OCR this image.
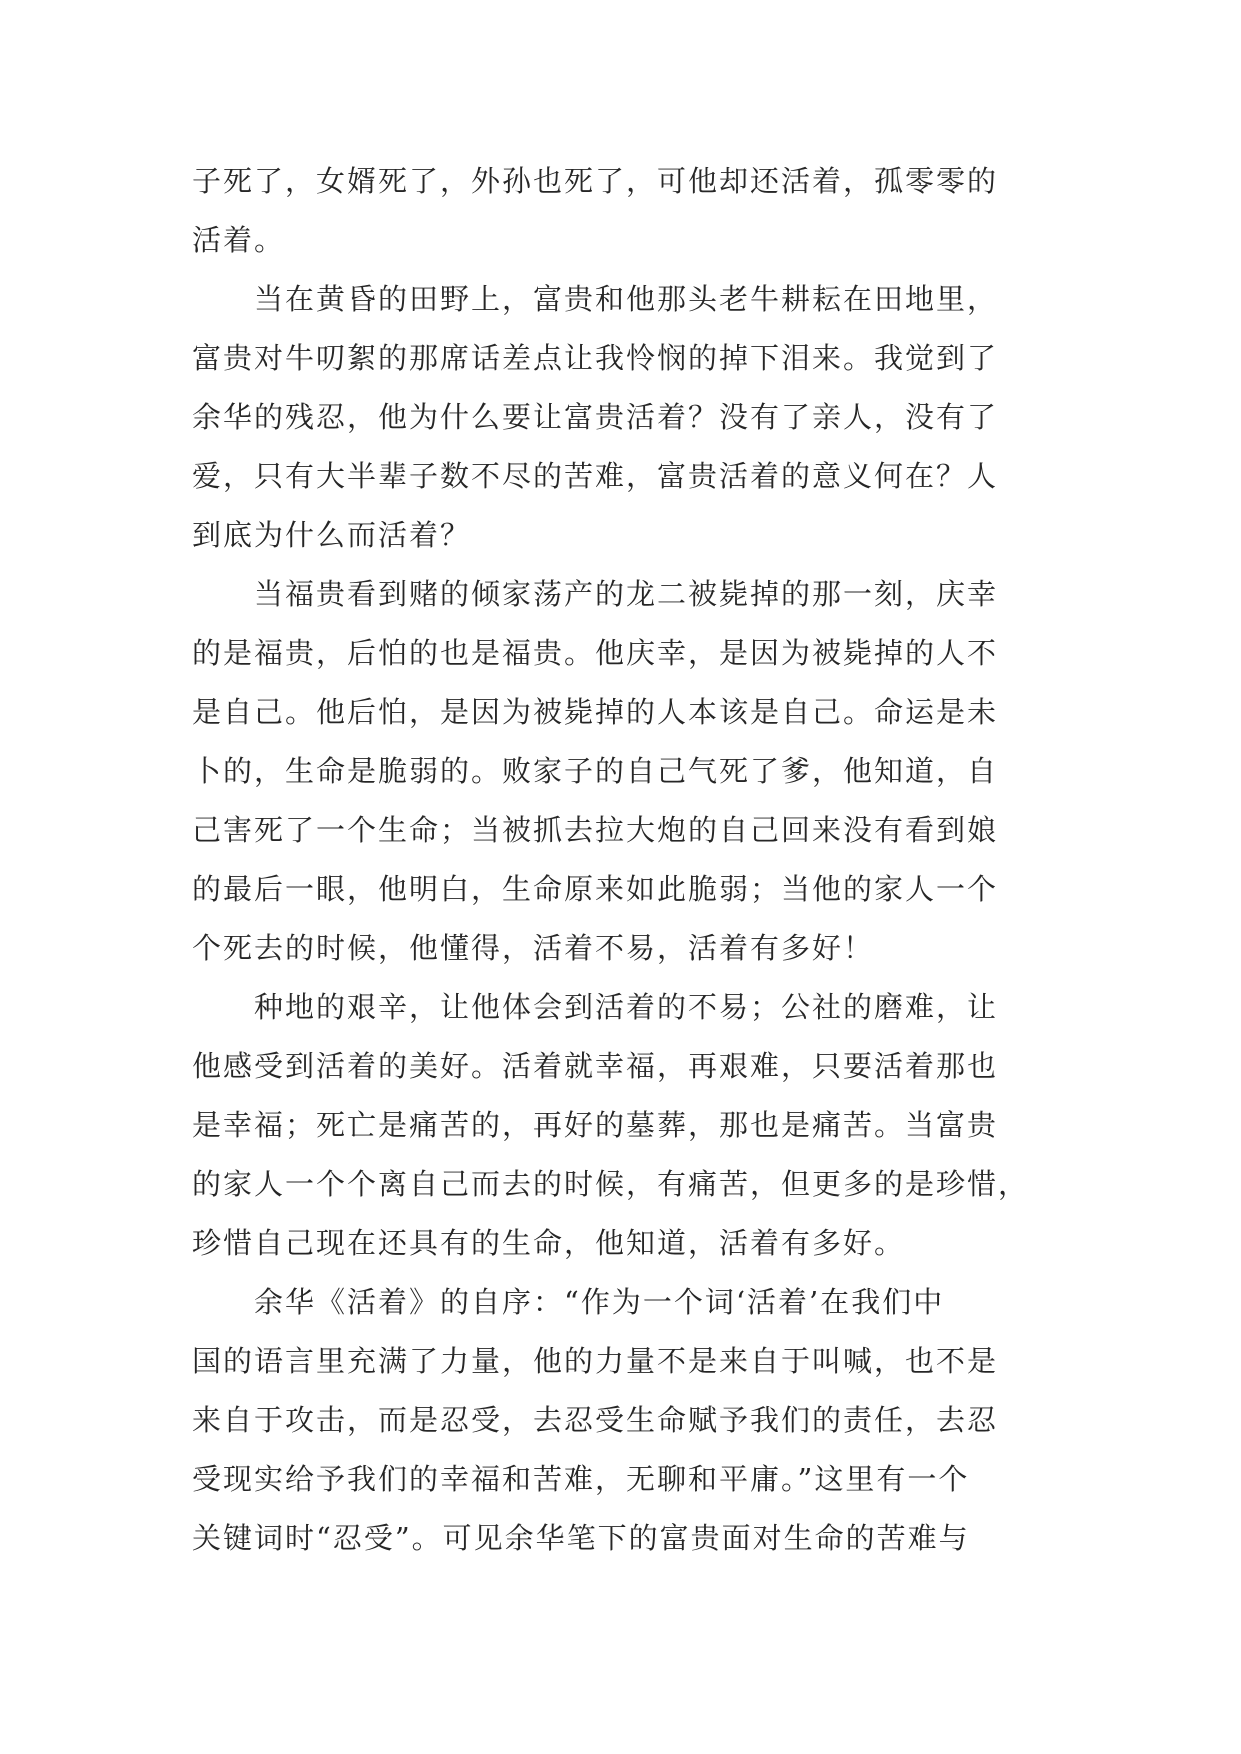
子死了，女婿死了，外孙也死了，可他却还活着，孤零零的
活着。
　　当在黄昏的田野上，富贵和他那头老牛耕耘在田地里，
富贵对牛叨絮的那席话差点让我怜悯的掉下泪来。我觉到了
余华的残忍，他为什么要让富贵活着？没有了亲人，没有了
爱，只有大半辈子数不尽的苦难，富贵活着的意义何在？人
到底为什么而活着？
　　当福贵看到赌的倾家荡产的龙二被毙掉的那一刻，庆幸
的是福贵，后怕的也是福贵。他庆幸，是因为被毙掉的人不
是自己。他后怕，是因为被毙掉的人本该是自己。命运是未
卜的，生命是脆弱的。败家子的自己气死了爹，他知道，自
己害死了一个生命；当被抓去拉大炮的自己回来没有看到娘
的最后一眼，他明白，生命原来如此脆弱；当他的家人一个
个死去的时候，他懂得，活着不易，活着有多好！
　　种地的艰辛，让他体会到活着的不易；公社的磨难，让
他感受到活着的美好。活着就幸福，再艰难，只要活着那也
是幸福；死亡是痛苦的，再好的墓葬，那也是痛苦。当富贵
的家人一个个离自己而去的时候，有痛苦，但更多的是珍惜，
珍惜自己现在还具有的生命，他知道，活着有多好。
　　余华《活着》的自序：“作为一个词‘活着’在我们中
国的语言里充满了力量，他的力量不是来自于叫喊，也不是
来自于攻击，而是忍受，去忍受生命赋予我们的责任，去忍
受现实给予我们的幸福和苦难，无聊和平庸。”这里有一个
关键词时“忍受”。可见余华笔下的富贵面对生命的苦难与
